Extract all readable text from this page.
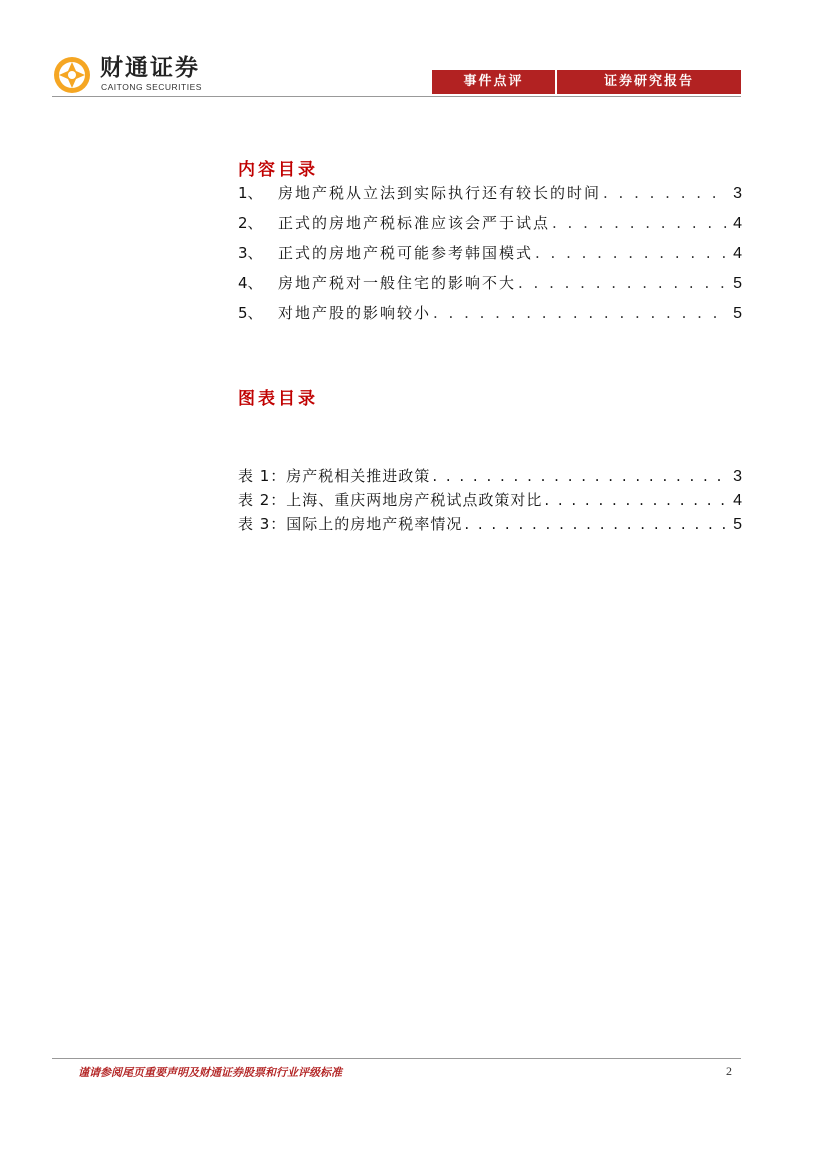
财通证券
CAITONG SECURITIES	事件点评	证券研究报告
内容目录
1、	房地产税从立法到实际执行还有较长的时间 . . .	3
2、	正式的房地产税标准应该会严于试点 . . .	4
3、	正式的房地产税可能参考韩国模式 . . .	4
4、	房地产税对一般住宅的影响不大 . . .	5
5、	对地产股的影响较小 . . .	5
图表目录
表 1：房产税相关推进政策 . . .	3
表 2：上海、重庆两地房产税试点政策对比 . . .	4
表 3：国际上的房地产税率情况 . . .	5
谨请参阅尾页重要声明及财通证券股票和行业评级标准	2
